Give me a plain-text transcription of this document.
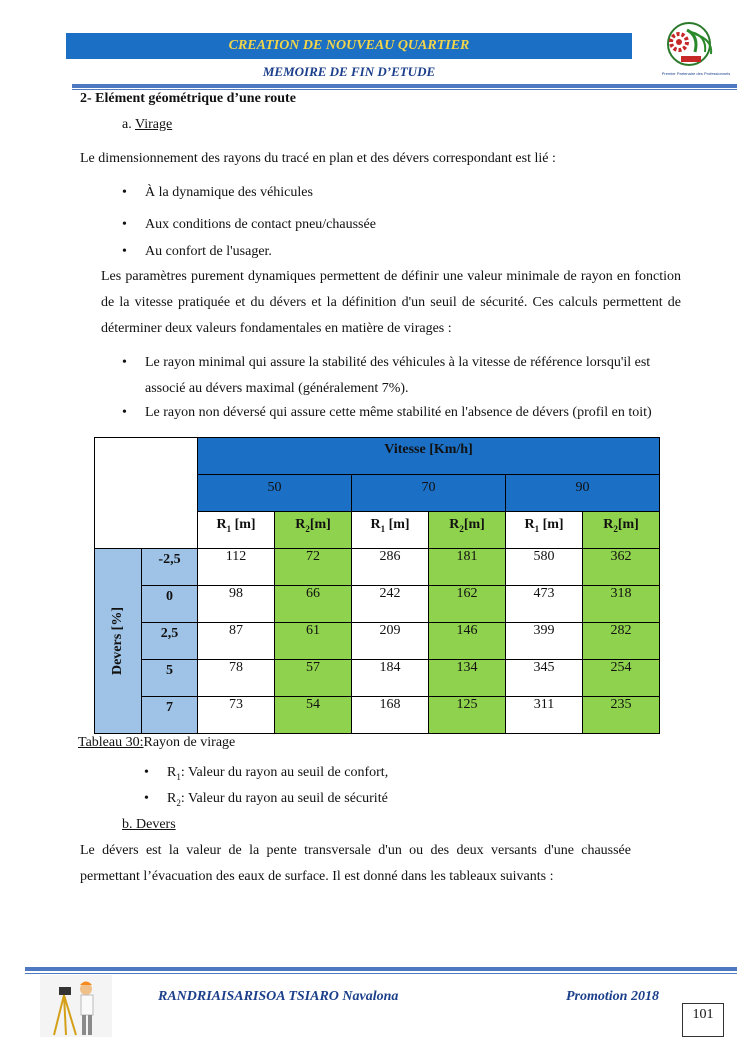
CREATION DE NOUVEAU QUARTIER
MEMOIRE DE FIN D’ETUDE	Premier Partenaire des Professionnels
2- Elément géométrique d’une route
a. Virage
Le dimensionnement des rayons du tracé en plan et des dévers correspondant est lié :
• À la dynamique des véhicules
• Aux conditions de contact pneu/chaussée
• Au confort de l'usager.
Les paramètres purement dynamiques permettent de définir une valeur minimale de rayon en fonction de la vitesse pratiquée et du dévers et la définition d'un seuil de sécurité. Ces calculs permettent de déterminer deux valeurs fondamentales en matière de virages :
• Le rayon minimal qui assure la stabilité des véhicules à la vitesse de référence lorsqu'il est associé au dévers maximal (généralement 7%).
• Le rayon non déversé qui assure cette même stabilité en l'absence de dévers (profil en toit)
		Vitesse [Km/h]					
		50		70		90	
		$R_1$ [m]	$R_2[m]$	$R_1$ [m]	$R_2[m]$	$R_1$ [m]	$R_2[m]$

Devers [%]	-2,5	112	72	286	181	580	362
	0	98	66	242	162	473	318
	2,5	87	61	209	146	399	282
	5	78	57	184	134	345	254
	7	73	54	168	125	311	235
Tableau 30:Rayon de virage
• $R_1$: Valeur du rayon au seuil de confort,
• $R_2$: Valeur du rayon au seuil de sécurité
b. Devers
Le dévers est la valeur de la pente transversale d'un ou des deux versants d'une chaussée permettant l’évacuation des eaux de surface. Il est donné dans les tableaux suivants :
RANDRIAISARISOA TSIARO Navalona	Promotion 2018
101
